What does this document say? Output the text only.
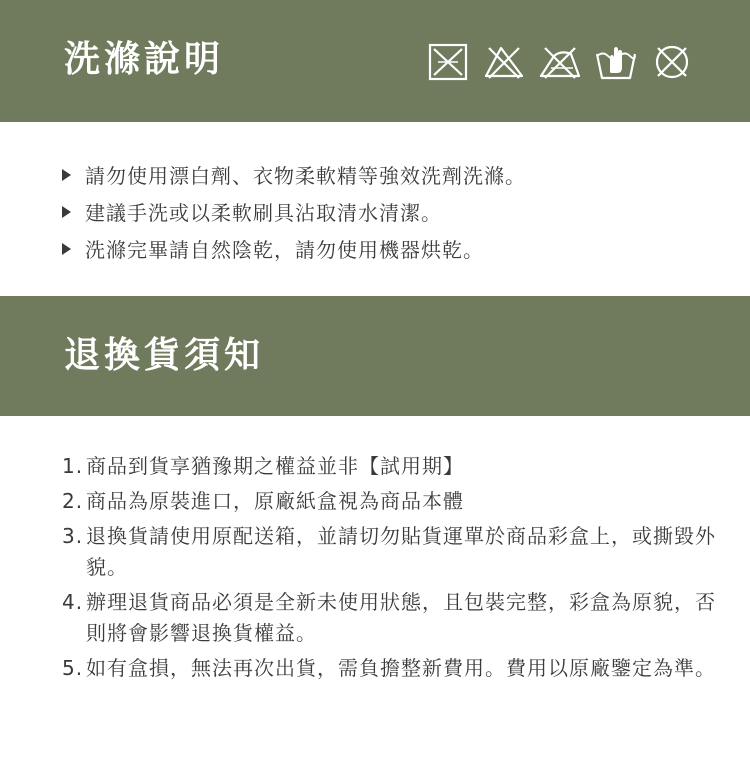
洗滌說明
請勿使用漂白劑、衣物柔軟精等強效洗劑洗滌。
建議手洗或以柔軟刷具沾取清水清潔。
洗滌完畢請自然陰乾，請勿使用機器烘乾。
退換貨須知
1. 商品到貨享猶豫期之權益並非【試用期】
2. 商品為原裝進口，原廠紙盒視為商品本體
3. 退換貨請使用原配送箱，並請切勿貼貨運單於商品彩盒上，或撕毀外貌。
4. 辦理退貨商品必須是全新未使用狀態，且包裝完整，彩盒為原貌，否則將會影響退換貨權益。
5. 如有盒損，無法再次出貨，需負擔整新費用。費用以原廠鑒定為準。
